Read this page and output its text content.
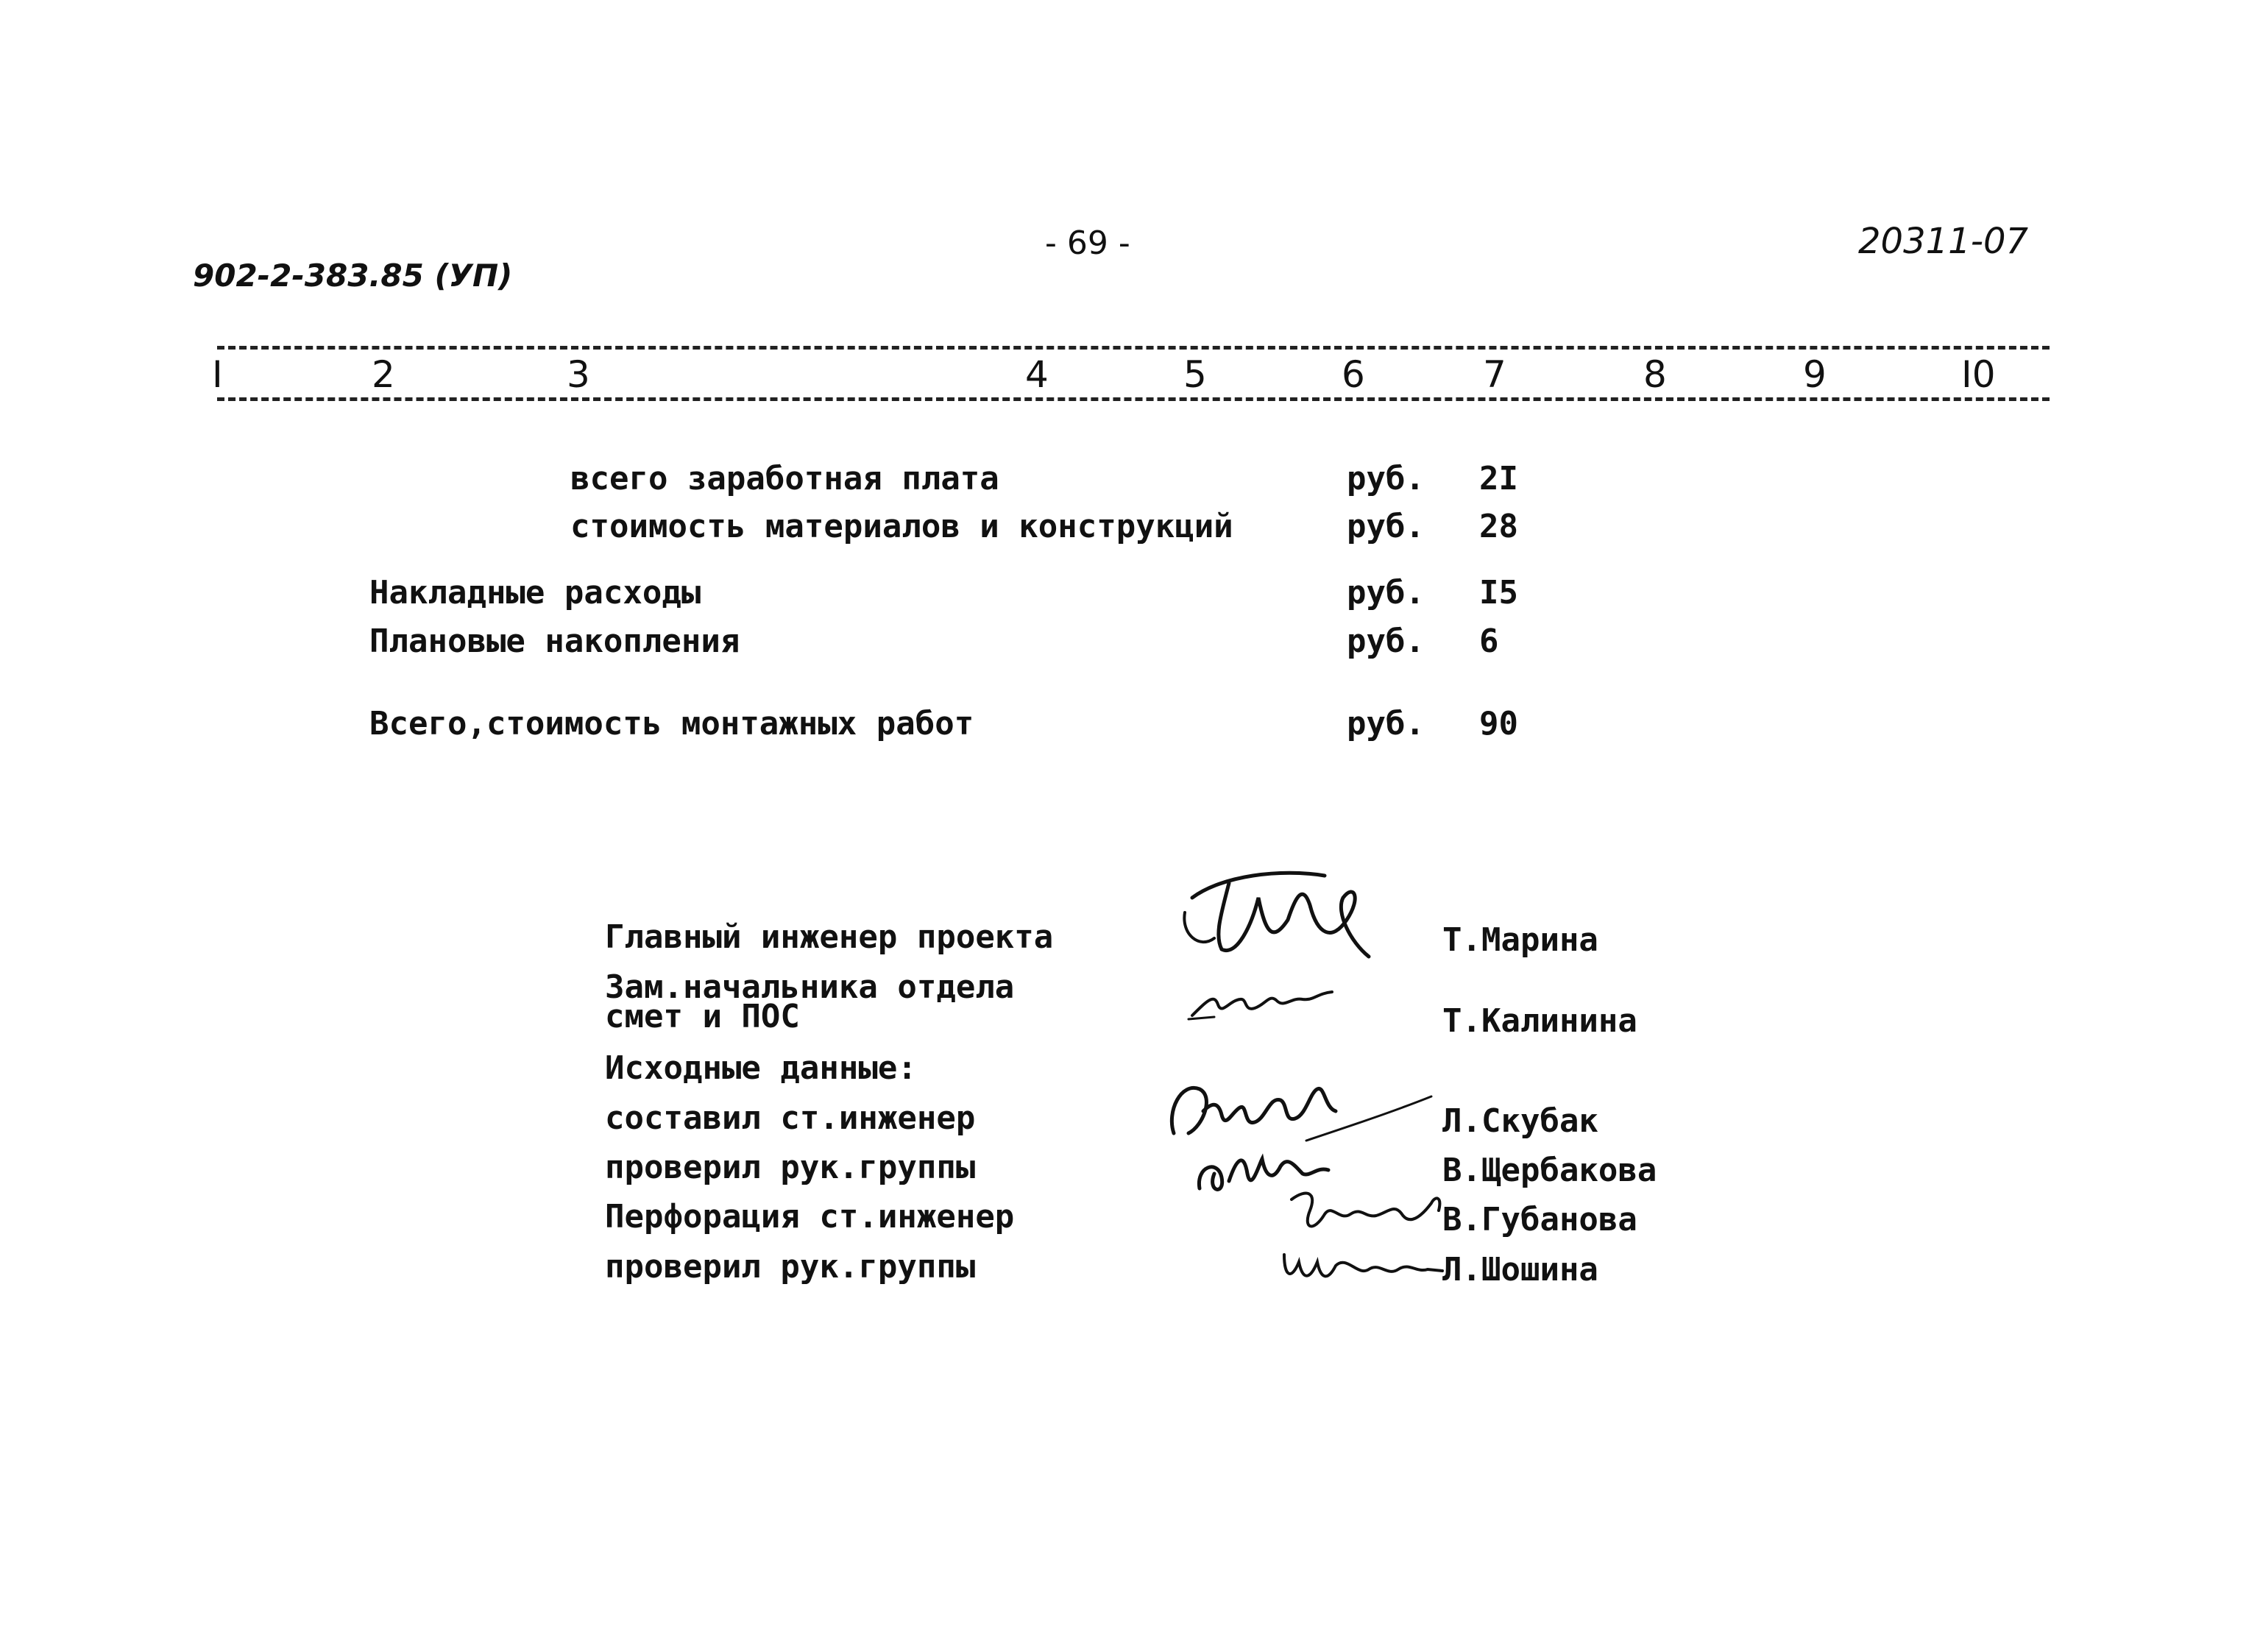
- 69 -
902-2-383.85 (УП)
20311-07
I	2	3	4	5	6	7	8	9	I0
всего заработная плата	руб. 2I
стоимость материалов и конструкций	руб. 28
Накладные расходы	руб. I5
Плановые накопления	руб. 6
Всего,стоимость монтажных работ	руб. 90
Главный инженер проекта	Т.Марина
Зам.начальника отдела
смет и ПОС	Т.Калинина
Исходные данные:
составил ст.инженер	Л.Скубак
проверил рук.группы	В.Щербакова
Перфорация ст.инженер	В.Губанова
проверил рук.группы	Л.Шошина
